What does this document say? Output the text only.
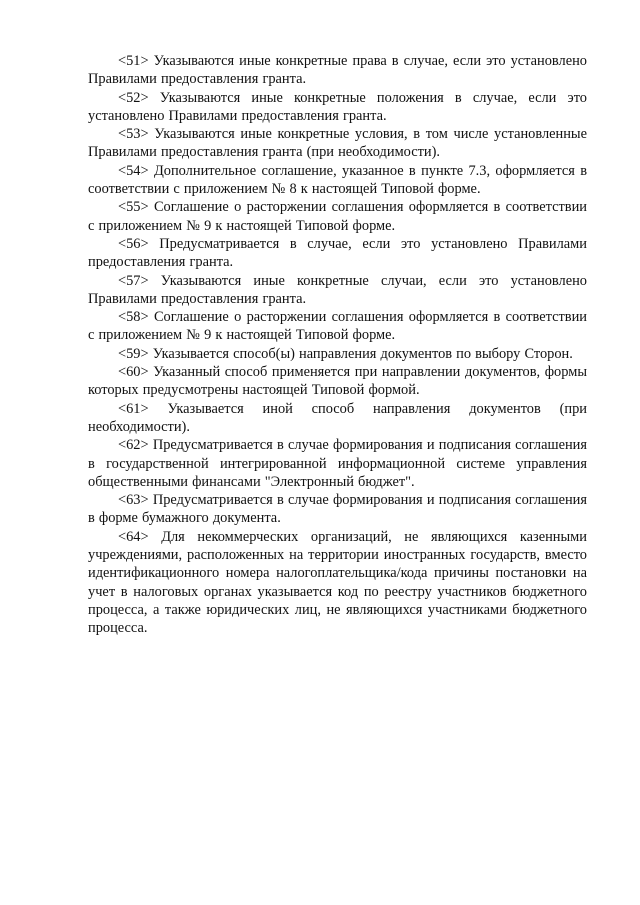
<51> Указываются иные конкретные права в случае, если это установлено Правилами предоставления гранта.

<52> Указываются иные конкретные положения в случае, если это установлено Правилами предоставления гранта.

<53> Указываются иные конкретные условия, в том числе установленные Правилами предоставления гранта (при необходимости).

<54> Дополнительное соглашение, указанное в пункте 7.3, оформляется в соответствии с приложением № 8 к настоящей Типовой форме.

<55> Соглашение о расторжении соглашения оформляется в соответствии с приложением № 9 к настоящей Типовой форме.

<56> Предусматривается в случае, если это установлено Правилами предоставления гранта.

<57> Указываются иные конкретные случаи, если это установлено Правилами предоставления гранта.

<58> Соглашение о расторжении соглашения оформляется в соответствии с приложением № 9 к настоящей Типовой форме.

<59> Указывается способ(ы) направления документов по выбору Сторон.

<60> Указанный способ применяется при направлении документов, формы которых предусмотрены настоящей Типовой формой.

<61> Указывается иной способ направления документов (при необходимости).

<62> Предусматривается в случае формирования и подписания соглашения в государственной интегрированной информационной системе управления общественными финансами "Электронный бюджет".

<63> Предусматривается в случае формирования и подписания соглашения в форме бумажного документа.

<64> Для некоммерческих организаций, не являющихся казенными учреждениями, расположенных на территории иностранных государств, вместо идентификационного номера налогоплательщика/кода причины постановки на учет в налоговых органах указывается код по реестру участников бюджетного процесса, а также юридических лиц, не являющихся участниками бюджетного процесса.
